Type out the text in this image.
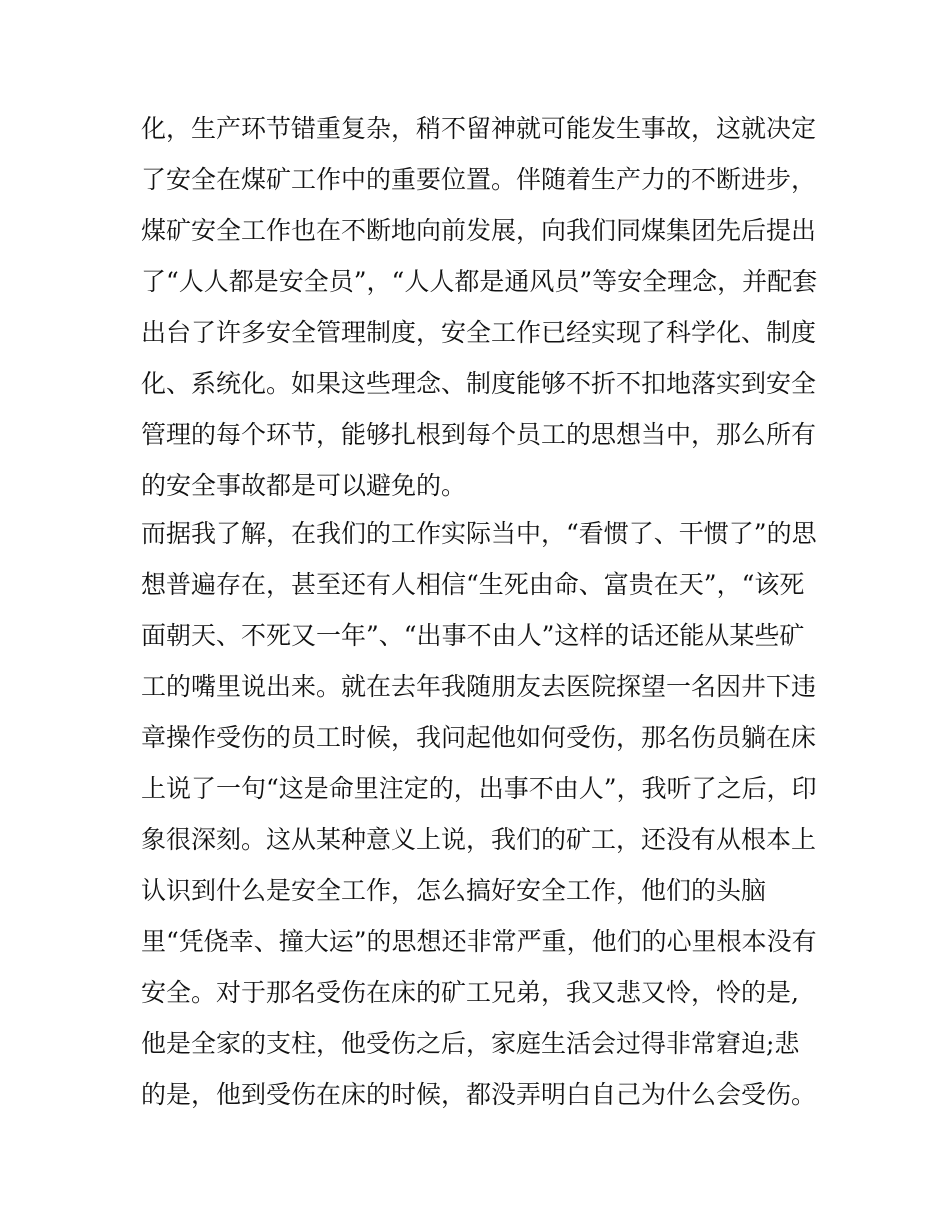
化，生产环节错重复杂，稍不留神就可能发生事故，这就决定
了安全在煤矿工作中的重要位置。伴随着生产力的不断进步，
煤矿安全工作也在不断地向前发展，向我们同煤集团先后提出
了“人人都是安全员”，“人人都是通风员”等安全理念，并配套
出台了许多安全管理制度，安全工作已经实现了科学化、制度
化、系统化。如果这些理念、制度能够不折不扣地落实到安全
管理的每个环节，能够扎根到每个员工的思想当中，那么所有
的安全事故都是可以避免的。
而据我了解，在我们的工作实际当中，“看惯了、干惯了”的思
想普遍存在，甚至还有人相信“生死由命、富贵在天”，“该死
面朝天、不死又一年”、“出事不由人”这样的话还能从某些矿
工的嘴里说出来。就在去年我随朋友去医院探望一名因井下违
章操作受伤的员工时候，我问起他如何受伤，那名伤员躺在床
上说了一句“这是命里注定的，出事不由人”，我听了之后，印
象很深刻。这从某种意义上说，我们的矿工，还没有从根本上
认识到什么是安全工作，怎么搞好安全工作，他们的头脑
里“凭侥幸、撞大运”的思想还非常严重，他们的心里根本没有
安全。对于那名受伤在床的矿工兄弟，我又悲又怜，怜的是,
他是全家的支柱，他受伤之后，家庭生活会过得非常窘迫;悲
的是，他到受伤在床的时候，都没弄明白自己为什么会受伤。
